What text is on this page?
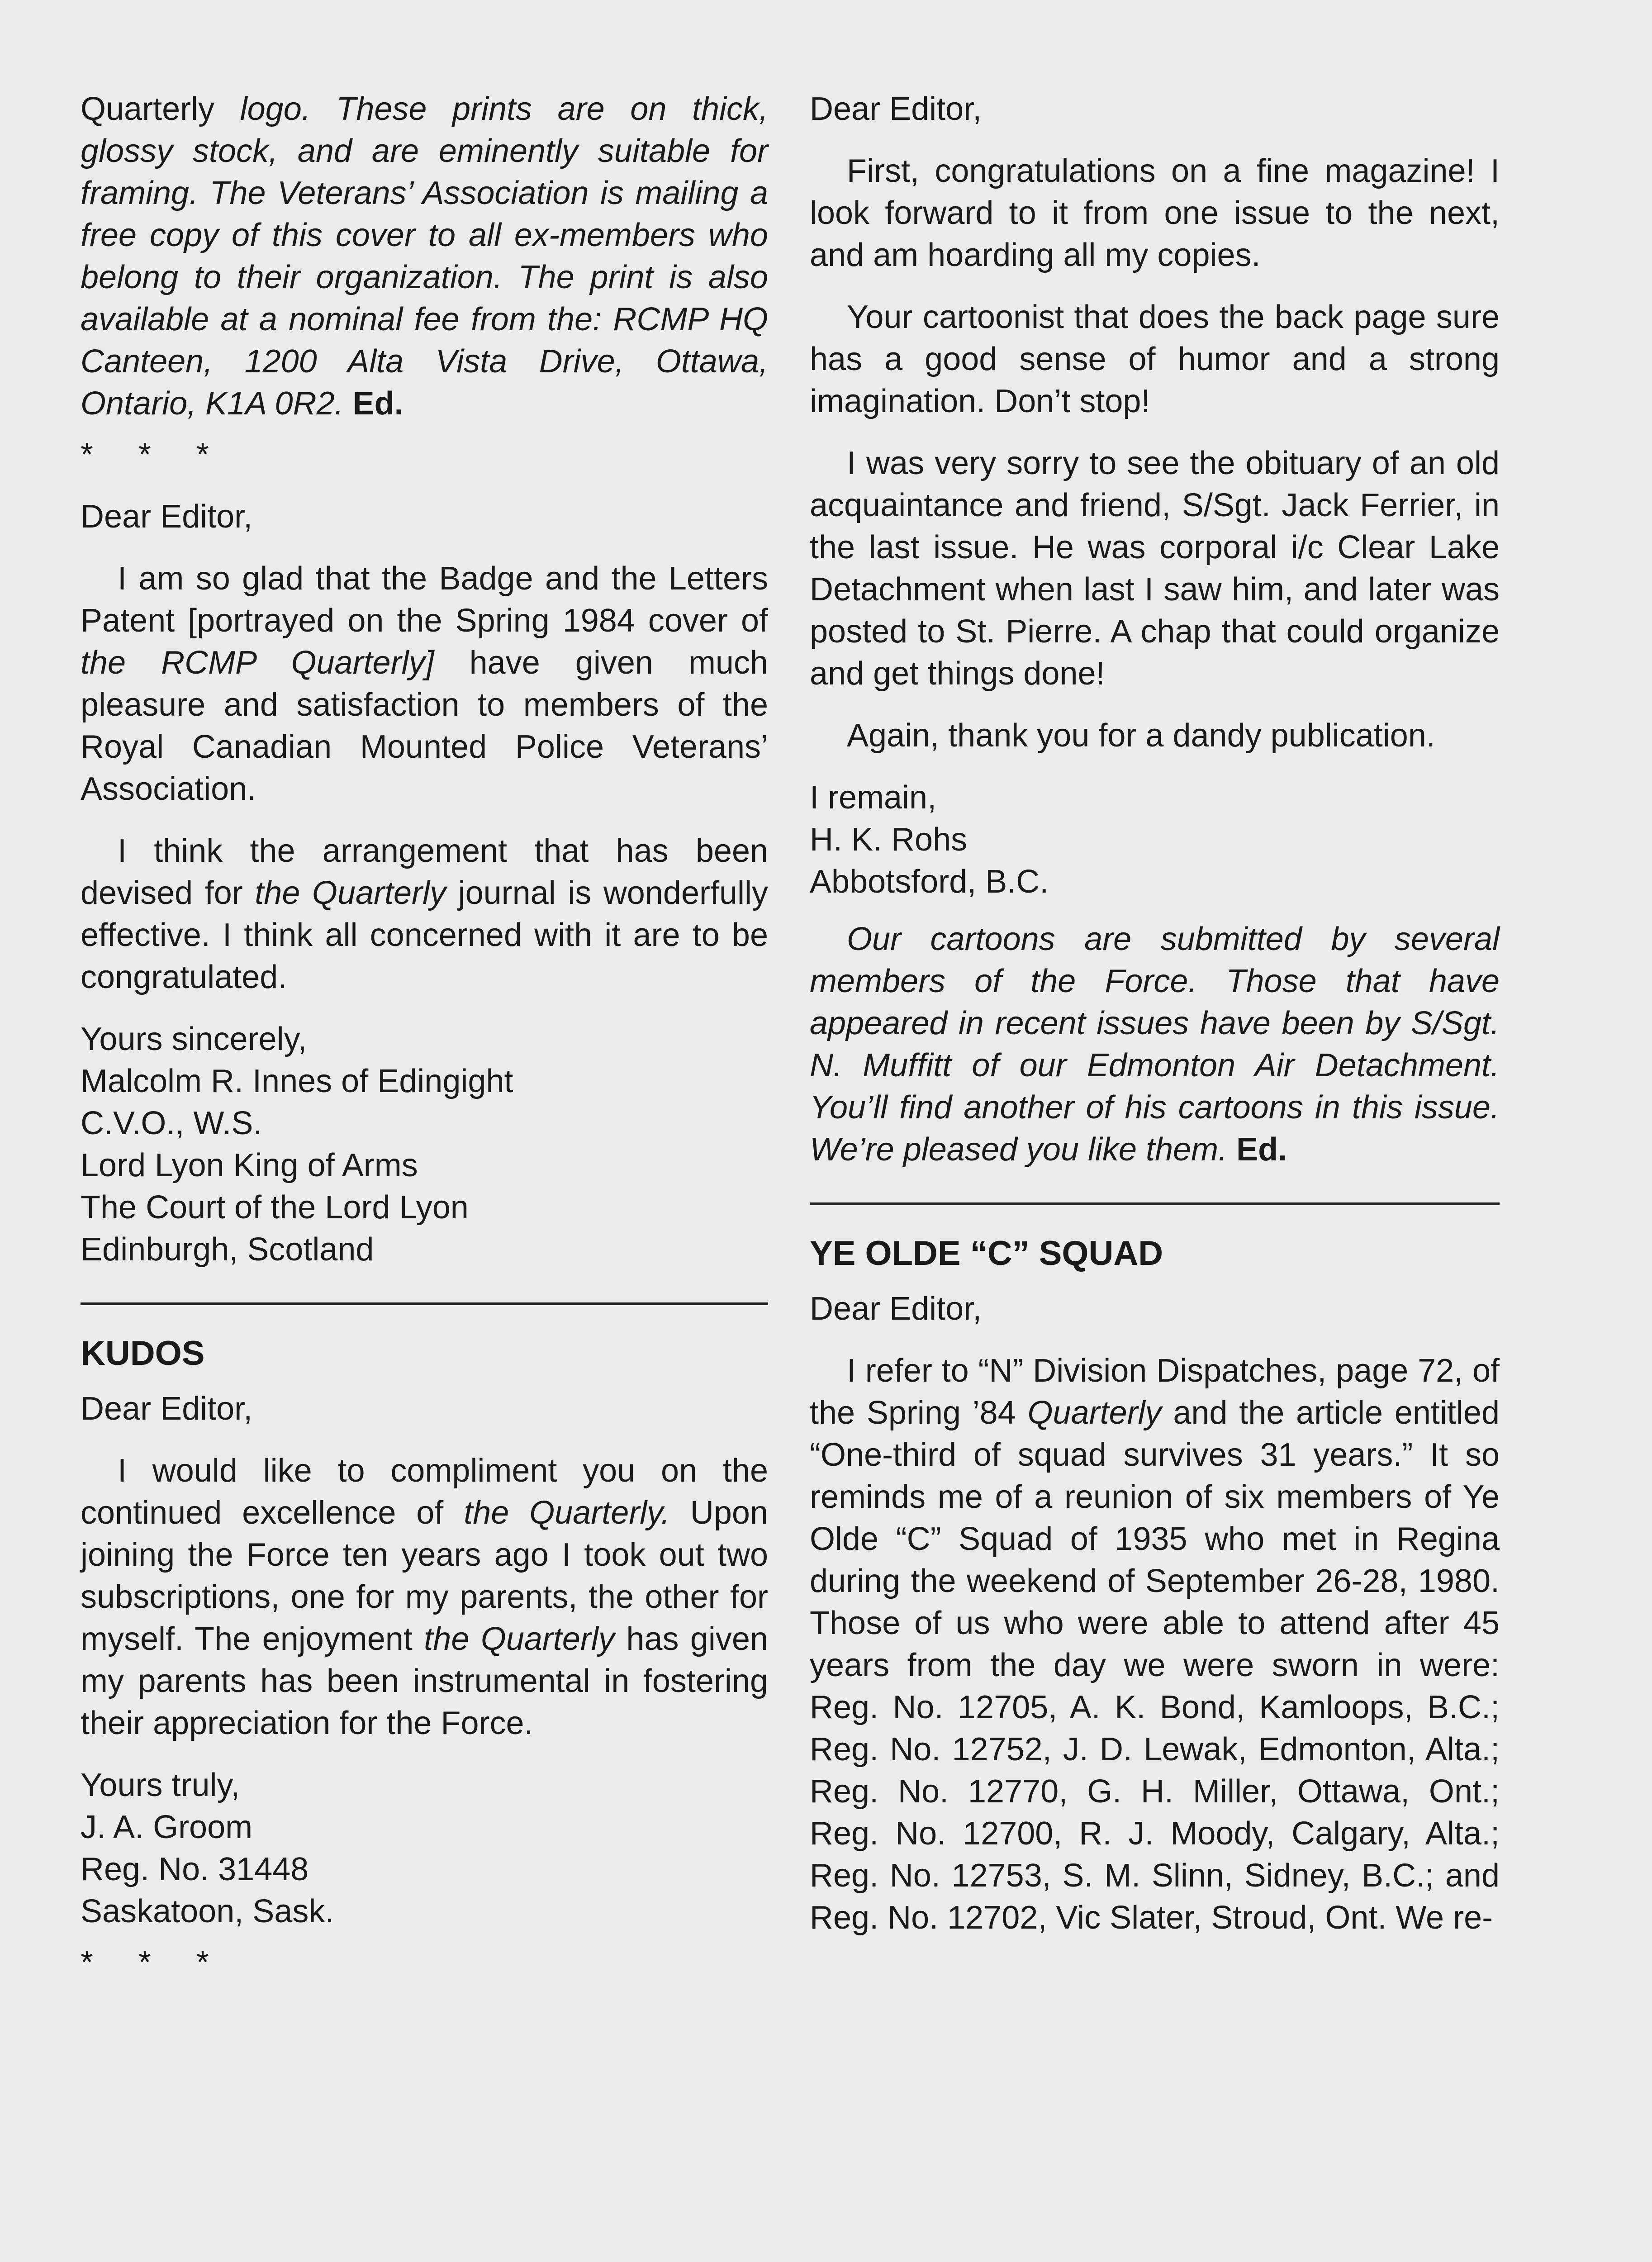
Quarterly logo. These prints are on thick, glossy stock, and are eminently suitable for framing. The Veterans’ Association is mailing a free copy of this cover to all ex-members who belong to their organization. The print is also available at a nominal fee from the: RCMP HQ Canteen, 1200 Alta Vista Drive, Ottawa, Ontario, K1A 0R2. Ed.

* * *

Dear Editor,

I am so glad that the Badge and the Letters Patent [portrayed on the Spring 1984 cover of the RCMP Quarterly] have given much pleasure and satisfaction to members of the Royal Canadian Mounted Police Veterans’ Association.

I think the arrangement that has been devised for the Quarterly journal is wonderfully effective. I think all concerned with it are to be congratulated.

Yours sincerely,
Malcolm R. Innes of Edingight
C.V.O., W.S.
Lord Lyon King of Arms
The Court of the Lord Lyon
Edinburgh, Scotland
KUDOS

Dear Editor,

I would like to compliment you on the continued excellence of the Quarterly. Upon joining the Force ten years ago I took out two subscriptions, one for my parents, the other for myself. The enjoyment the Quarterly has given my parents has been instrumental in fostering their appreciation for the Force.

Yours truly,
J. A. Groom
Reg. No. 31448
Saskatoon, Sask.

* * *

Dear Editor,

First, congratulations on a fine magazine! I look forward to it from one issue to the next, and am hoarding all my copies.

Your cartoonist that does the back page sure has a good sense of humor and a strong imagination. Don’t stop!

I was very sorry to see the obituary of an old acquaintance and friend, S/Sgt. Jack Ferrier, in the last issue. He was corporal i/c Clear Lake Detachment when last I saw him, and later was posted to St. Pierre. A chap that could organize and get things done!

Again, thank you for a dandy publication.

I remain,
H. K. Rohs
Abbotsford, B.C.

Our cartoons are submitted by several members of the Force. Those that have appeared in recent issues have been by S/Sgt. N. Muffitt of our Edmonton Air Detachment. You’ll find another of his cartoons in this issue. We’re pleased you like them. Ed.

YE OLDE “C” SQUAD

Dear Editor,

I refer to “N” Division Dispatches, page 72, of the Spring ’84 Quarterly and the article entitled “One-third of squad survives 31 years.” It so reminds me of a reunion of six members of Ye Olde “C” Squad of 1935 who met in Regina during the weekend of September 26-28, 1980. Those of us who were able to attend after 45 years from the day we were sworn in were: Reg. No. 12705, A. K. Bond, Kamloops, B.C.; Reg. No. 12752, J. D. Lewak, Edmonton, Alta.; Reg. No. 12770, G. H. Miller, Ottawa, Ont.; Reg. No. 12700, R. J. Moody, Calgary, Alta.; Reg. No. 12753, S. M. Slinn, Sidney, B.C.; and Reg. No. 12702, Vic Slater, Stroud, Ont. We re-
